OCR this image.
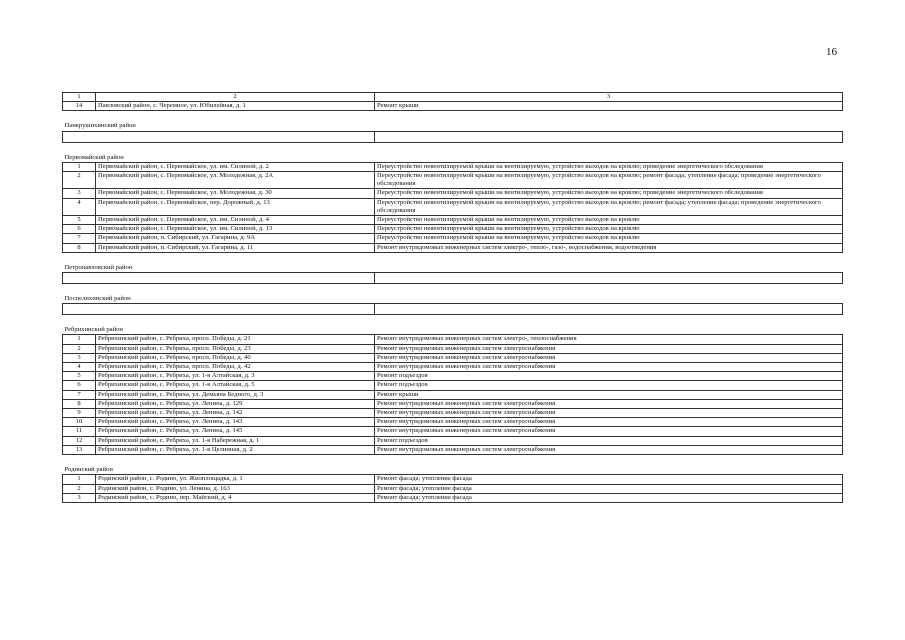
16
1	2	3
14	Павловский район, с. Черемное, ул. Юбилейная, д. 1	Ремонт крыши

Панкрушихинский район		

Первомайский район		

1	Первомайский район, с. Первомайское, ул. им. Силиной, д. 2	Переустройство невентилируемой крыши на вентилируемую, устройство выходов на кровлю; проведение энергетического обследования
2	Первомайский район, с. Первомайское, ул. Молодежная, д. 2А	Переустройство невентилируемой крыши на вентилируемую, устройство выходов на кровлю; ремонт фасада; утепление фасада; проведение энергетического обследования
3	Первомайский район, с. Первомайское, ул. Молодежная, д. 30	Переустройство невентилируемой крыши на вентилируемую, устройство выходов на кровлю; проведение энергетического обследования
4	Первомайский район, с. Первомайское, пер. Дорожный, д. 13	Переустройство невентилируемой крыши на вентилируемую, устройство выходов на кровлю; ремонт фасада; утепление фасада; проведение энергетического обследования
5	Первомайский район, с. Первомайское, ул. им. Силиной, д. 4	Переустройство невентилируемой крыши на вентилируемую, устройство выходов на кровлю
6	Первомайский район, с. Первомайское, ул. им. Силиной, д. 13	Переустройство невентилируемой крыши на вентилируемую, устройство выходов на кровлю
7	Первомайский район, п. Сибирский, ул. Гагарина, д. 9А	Переустройство невентилируемой крыши на вентилируемую, устройство выходов на кровлю
8	Первомайский район, п. Сибирский, ул. Гагарина, д. 11	Ремонт внутридомовых инженерных систем электро-, тепло-, газо-, водоснабжения, водоотведения

Петропавловский район		

Поспелихинский район		

Ребрихинский район		

1	Ребрихинский район, с. Ребриха, просп. Победы, д. 21	Ремонт внутридомовых инженерных систем электро-, теплоснабжения
2	Ребрихинский район, с. Ребриха, просп. Победы, д. 23	Ремонт внутридомовых инженерных систем электроснабжения
3	Ребрихинский район, с. Ребриха, просп. Победы, д. 40	Ремонт внутридомовых инженерных систем электроснабжения
4	Ребрихинский район, с. Ребриха, просп. Победы, д. 42	Ремонт внутридомовых инженерных систем электроснабжения
5	Ребрихинский район, с. Ребриха, ул. 1-я Алтайская, д. 3	Ремонт подъездов
6	Ребрихинский район, с. Ребриха, ул. 1-я Алтайская, д. 5	Ремонт подъездов
7	Ребрихинский район, с. Ребриха, ул. Демьяна Бедного, д. 3	Ремонт крыши
8	Ребрихинский район, с. Ребриха, ул. Ленина, д. 129	Ремонт внутридомовых инженерных систем электроснабжения
9	Ребрихинский район, с. Ребриха, ул. Ленина, д. 142	Ремонт внутридомовых инженерных систем электроснабжения
10	Ребрихинский район, с. Ребриха, ул. Ленина, д. 143	Ремонт внутридомовых инженерных систем электроснабжения
11	Ребрихинский район, с. Ребриха, ул. Ленина, д. 145	Ремонт внутридомовых инженерных систем электроснабжения
12	Ребрихинский район, с. Ребриха, ул. 1-я Набережная, д. 1	Ремонт подъездов
13	Ребрихинский район, с. Ребриха, ул. 1-я Целинная, д. 2	Ремонт внутридомовых инженерных систем электроснабжения

Родинский район		

1	Родинский район, с. Родино, ул. Жилплощадка, д. 1	Ремонт фасада; утепление фасада
2	Родинский район, с. Родино, ул. Ленина, д. 163	Ремонт фасада; утепление фасада
3	Родинский район, с. Родино, пер. Майский, д. 4	Ремонт фасада; утепление фасада
